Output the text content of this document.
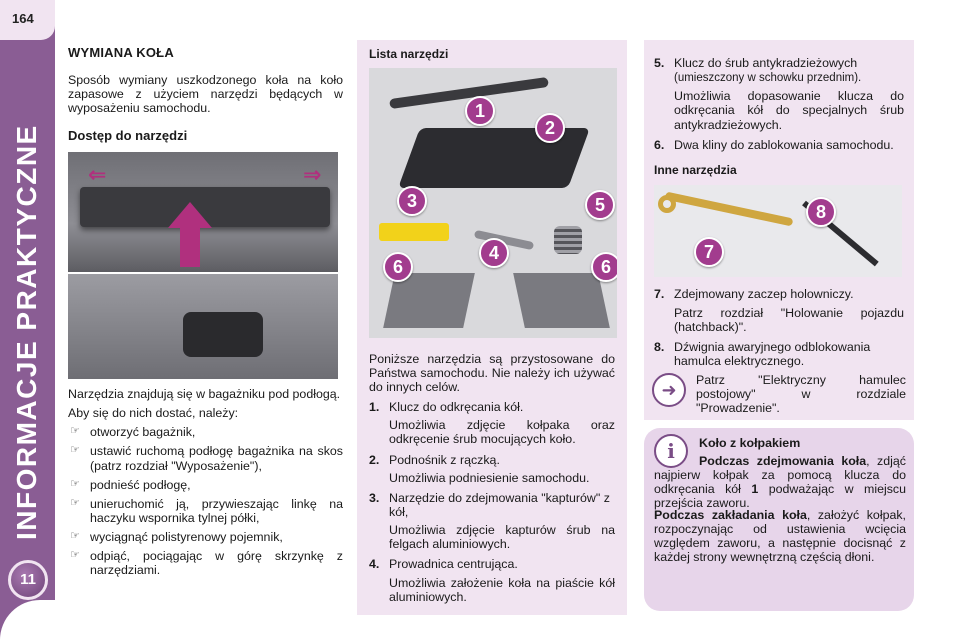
164
INFORMACJE PRAKTYCZNE
11
WYMIANA KOŁA

Sposób wymiany uszkodzonego koła na koło zapasowe z użyciem narzędzi będących w wyposażeniu samochodu.

Dostęp do narzędzi
⇐	⇒

Narzędzia znajdują się w bagażniku pod podłogą.

Aby się do nich dostać, należy:

☞ otworzyć bagażnik,
☞ ustawić ruchomą podłogę bagażnika na skos (patrz rozdział "Wyposażenie"),
☞ podnieść podłogę,
☞ unieruchomić ją, przywieszając linkę na haczyku wspornika tylnej półki,
☞ wyciągnąć polistyrenowy pojemnik,
☞ odpiąć, pociągając w górę skrzynkę z narzędziami.
Lista narzędzi
1
2
3	5
4
6	6

Poniższe narzędzia są przystosowane do Państwa samochodu. Nie należy ich używać do innych celów.

1. Klucz do odkręcania kół.
Umożliwia zdjęcie kołpaka oraz odkręcenie śrub mocujących koło.
2. Podnośnik z rączką.
Umożliwia podniesienie samochodu.
3. Narzędzie do zdejmowania "kapturów" z kół,
Umożliwia zdjęcie kapturów śrub na felgach aluminiowych.
4. Prowadnica centrująca.
Umożliwia założenie koła na piaście kół aluminiowych.
5. Klucz do śrub antykradzieżowych (umieszczony w schowku przednim).
Umożliwia dopasowanie klucza do odkręcania kół do specjalnych śrub antykradzieżowych.
6. Dwa kliny do zablokowania samochodu.
Inne narzędzia
8
7
7. Zdejmowany zaczep holowniczy.
Patrz rozdział "Holowanie pojazdu (hatchback)".
8. Dźwignia awaryjnego odblokowania hamulca elektrycznego.
➜	Patrz "Elektryczny hamulec postojowy" w rozdziale "Prowadzenie".
i	Koło z kołpakiem
Podczas zdejmowania koła, zdjąć najpierw kołpak za pomocą klucza do odkręcania kół 1 podważając w miejscu przejścia zaworu.
Podczas zakładania koła, założyć kołpak, rozpoczynając od ustawienia wcięcia względem zaworu, a następnie docisnąć z każdej strony wewnętrzną częścią dłoni.
